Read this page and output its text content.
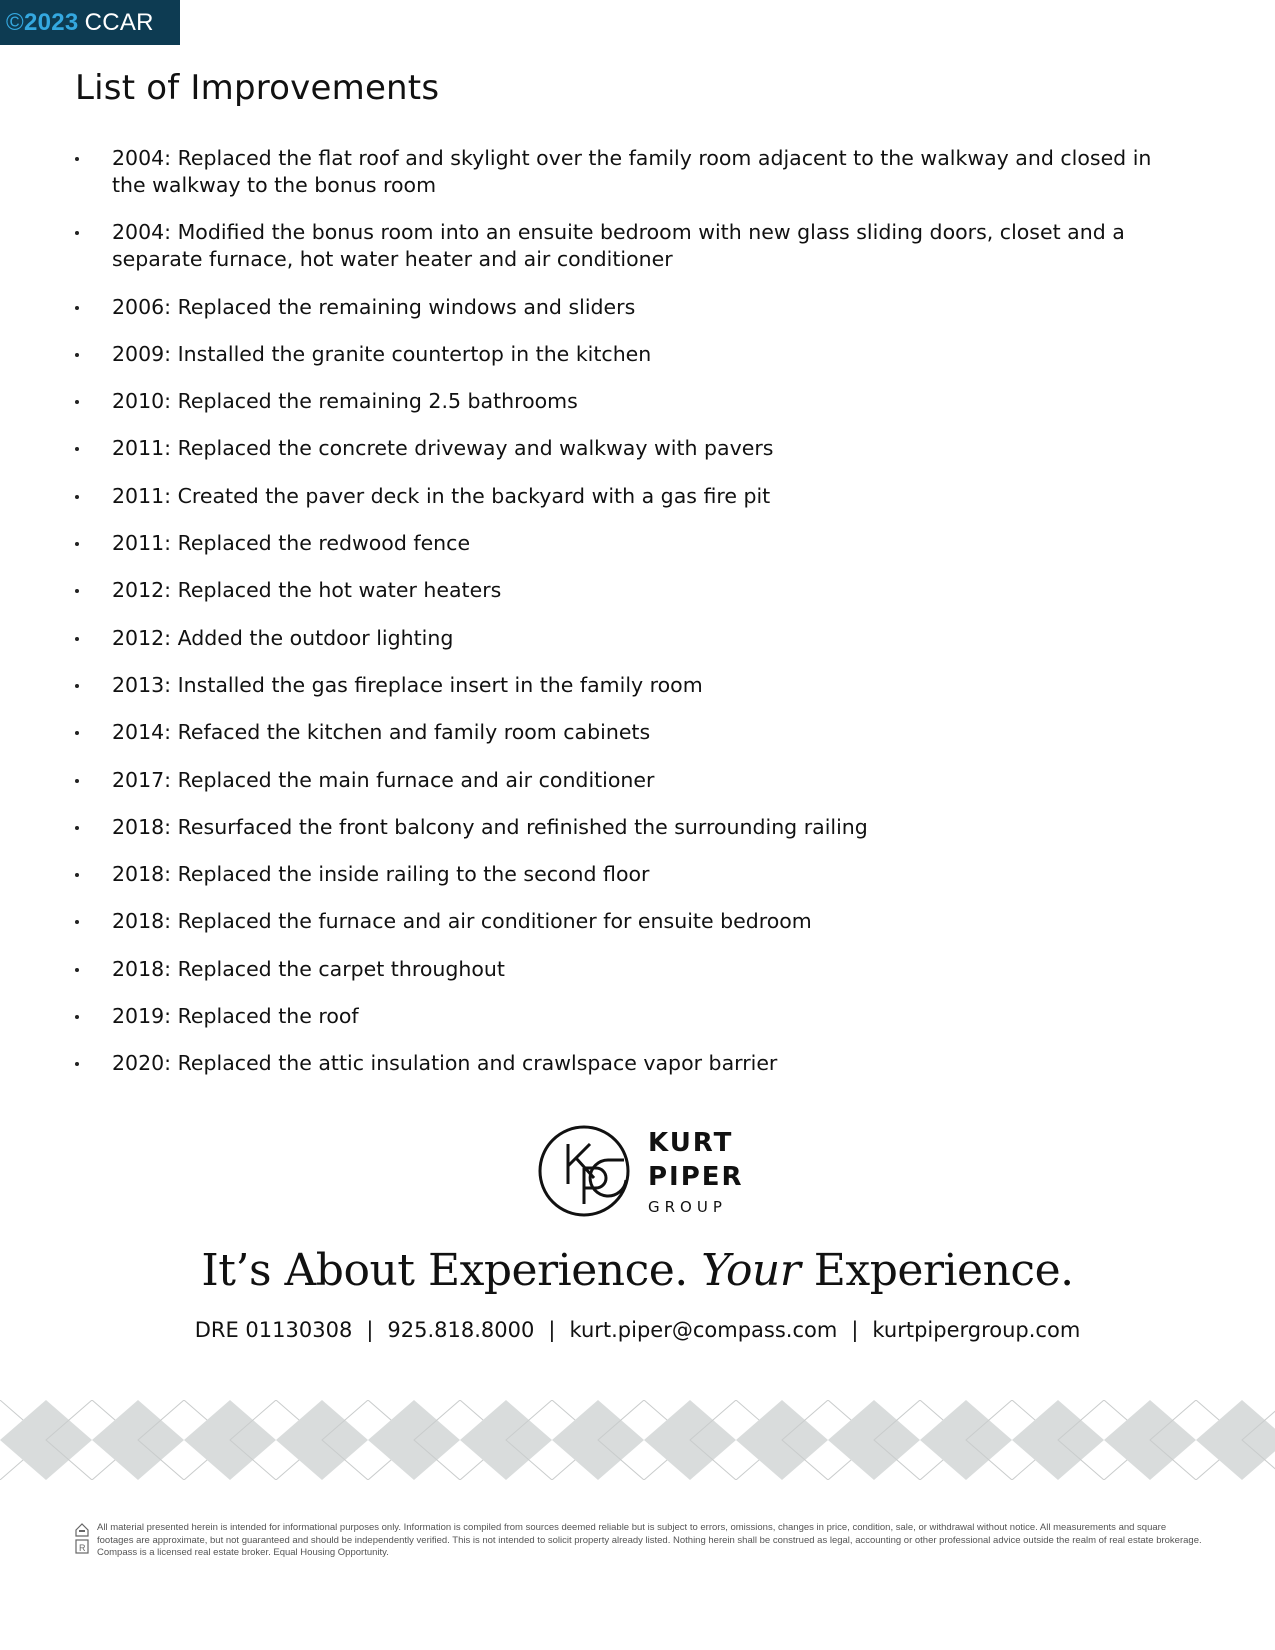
© 2023 CCAR
List of Improvements
2004: Replaced the flat roof and skylight over the family room adjacent to the walkway and closed in the walkway to the bonus room
2004: Modified the bonus room into an ensuite bedroom with new glass sliding doors, closet and a separate furnace, hot water heater and air conditioner
2006: Replaced the remaining windows and sliders
2009: Installed the granite countertop in the kitchen
2010: Replaced the remaining 2.5 bathrooms
2011: Replaced the concrete driveway and walkway with pavers
2011: Created the paver deck in the backyard with a gas fire pit
2011: Replaced the redwood fence
2012: Replaced the hot water heaters
2012: Added the outdoor lighting
2013: Installed the gas fireplace insert in the family room
2014: Refaced the kitchen and family room cabinets
2017: Replaced the main furnace and air conditioner
2018: Resurfaced the front balcony and refinished the surrounding railing
2018: Replaced the inside railing to the second floor
2018: Replaced the furnace and air conditioner for ensuite bedroom
2018: Replaced the carpet throughout
2019: Replaced the roof
2020: Replaced the attic insulation and crawlspace vapor barrier
KURT
PIPER
GROUP
It’s About Experience. Your Experience.
DRE 01130308 | 925.818.8000 | kurt.piper@compass.com | kurtpipergroup.com
R

All material presented herein is intended for informational purposes only. Information is compiled from sources deemed reliable but is subject to errors, omissions, changes in price, condition, sale, or withdrawal without notice. All measurements and square footages are approximate, but not guaranteed and should be independently verified. This is not intended to solicit property already listed. Nothing herein shall be construed as legal, accounting or other professional advice outside the realm of real estate brokerage. Compass is a licensed real estate broker. Equal Housing Opportunity.
